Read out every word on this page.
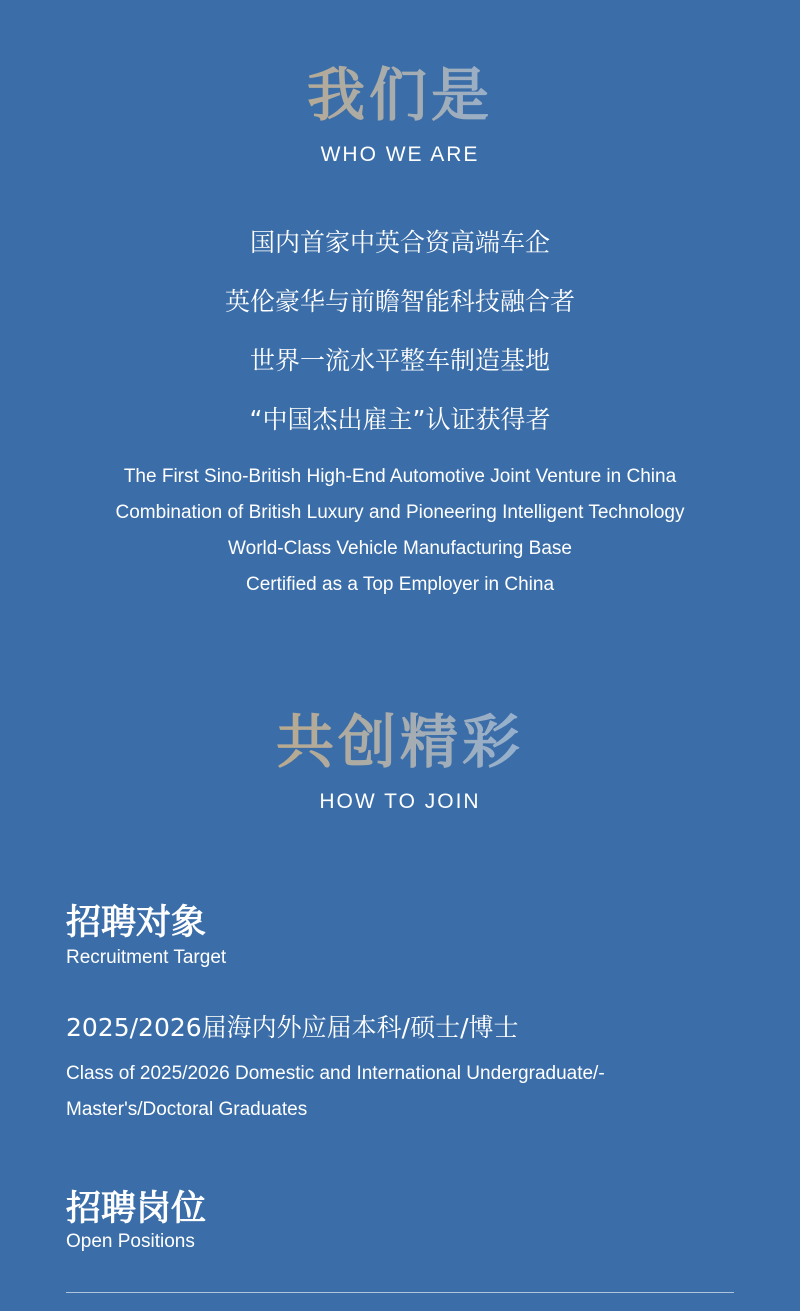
我们是
WHO WE ARE
国内首家中英合资高端车企
英伦豪华与前瞻智能科技融合者
世界一流水平整车制造基地
“中国杰出雇主”认证获得者
The First Sino-British High-End Automotive Joint Venture in China
Combination of British Luxury and Pioneering Intelligent Technology
World-Class Vehicle Manufacturing Base
Certified as a Top Employer in China
共创精彩
HOW TO JOIN
招聘对象
Recruitment Target
2025/2026届海内外应届本科/硕士/博士
Class of 2025/2026 Domestic and International Undergraduate/-
Master's/Doctoral Graduates
招聘岗位
Open Positions
